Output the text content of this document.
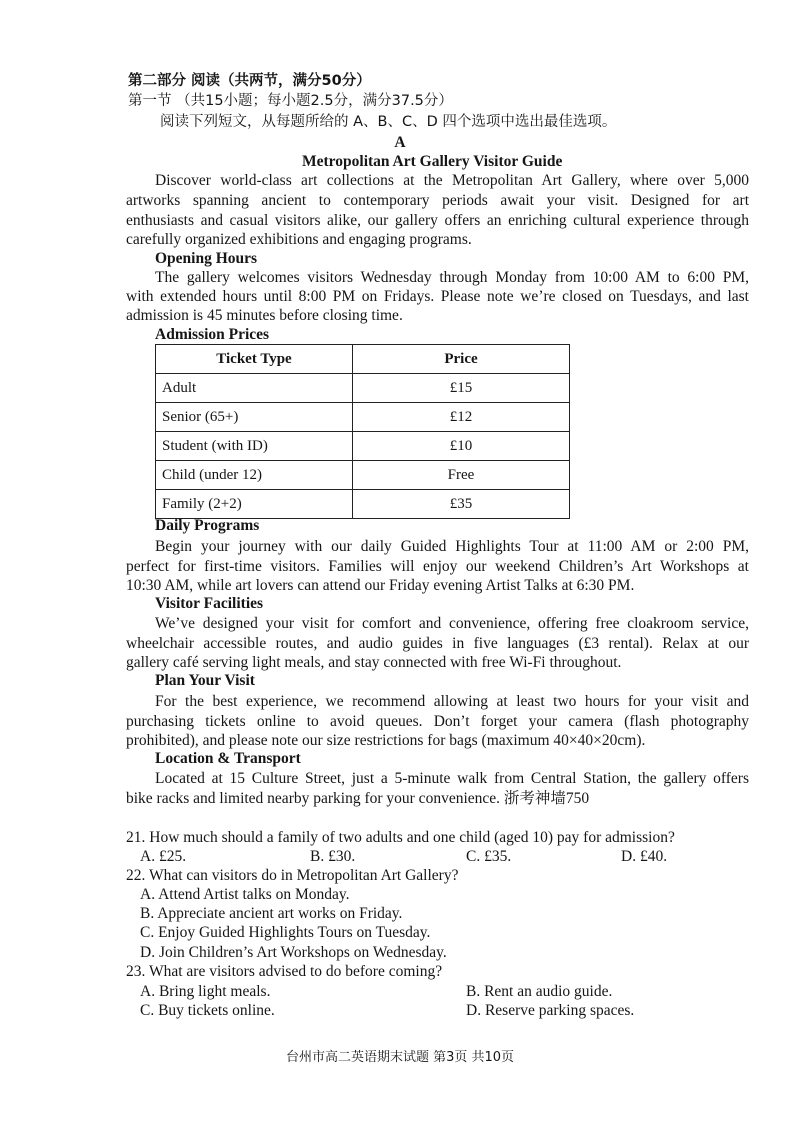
第二部分 阅读（共两节，满分50分）
第一节 （共15小题；每小题2.5分，满分37.5分）
阅读下列短文，从每题所给的 A、B、C、D 四个选项中选出最佳选项。
A
Metropolitan Art Gallery Visitor Guide
Discover world-class art collections at the Metropolitan Art Gallery, where over 5,000
artworks spanning ancient to contemporary periods await your visit. Designed for art
enthusiasts and casual visitors alike, our gallery offers an enriching cultural experience through
carefully organized exhibitions and engaging programs.
Opening Hours
The gallery welcomes visitors Wednesday through Monday from 10:00 AM to 6:00 PM,
with extended hours until 8:00 PM on Fridays. Please note we’re closed on Tuesdays, and last
admission is 45 minutes before closing time.
Admission Prices
Ticket Type	Price
Adult	£15
Senior (65+)	£12
Student (with ID)	£10
Child (under 12)	Free
Family (2+2)	£35
Daily Programs
Begin your journey with our daily Guided Highlights Tour at 11:00 AM or 2:00 PM,
perfect for first-time visitors. Families will enjoy our weekend Children’s Art Workshops at
10:30 AM, while art lovers can attend our Friday evening Artist Talks at 6:30 PM.
Visitor Facilities
We’ve designed your visit for comfort and convenience, offering free cloakroom service,
wheelchair accessible routes, and audio guides in five languages (£3 rental). Relax at our
gallery café serving light meals, and stay connected with free Wi-Fi throughout.
Plan Your Visit
For the best experience, we recommend allowing at least two hours for your visit and
purchasing tickets online to avoid queues. Don’t forget your camera (flash photography
prohibited), and please note our size restrictions for bags (maximum 40×40×20cm).
Location & Transport
Located at 15 Culture Street, just a 5-minute walk from Central Station, the gallery offers
bike racks and limited nearby parking for your convenience. 浙考神墙750
21. How much should a family of two adults and one child (aged 10) pay for admission?
A. £25.	B. £30.	C. £35.	D. £40.
22. What can visitors do in Metropolitan Art Gallery?
A. Attend Artist talks on Monday.
B. Appreciate ancient art works on Friday.
C. Enjoy Guided Highlights Tours on Tuesday.
D. Join Children’s Art Workshops on Wednesday.
23. What are visitors advised to do before coming?
A. Bring light meals.	B. Rent an audio guide.
C. Buy tickets online.	D. Reserve parking spaces.
台州市高二英语期末试题 第3页 共10页
